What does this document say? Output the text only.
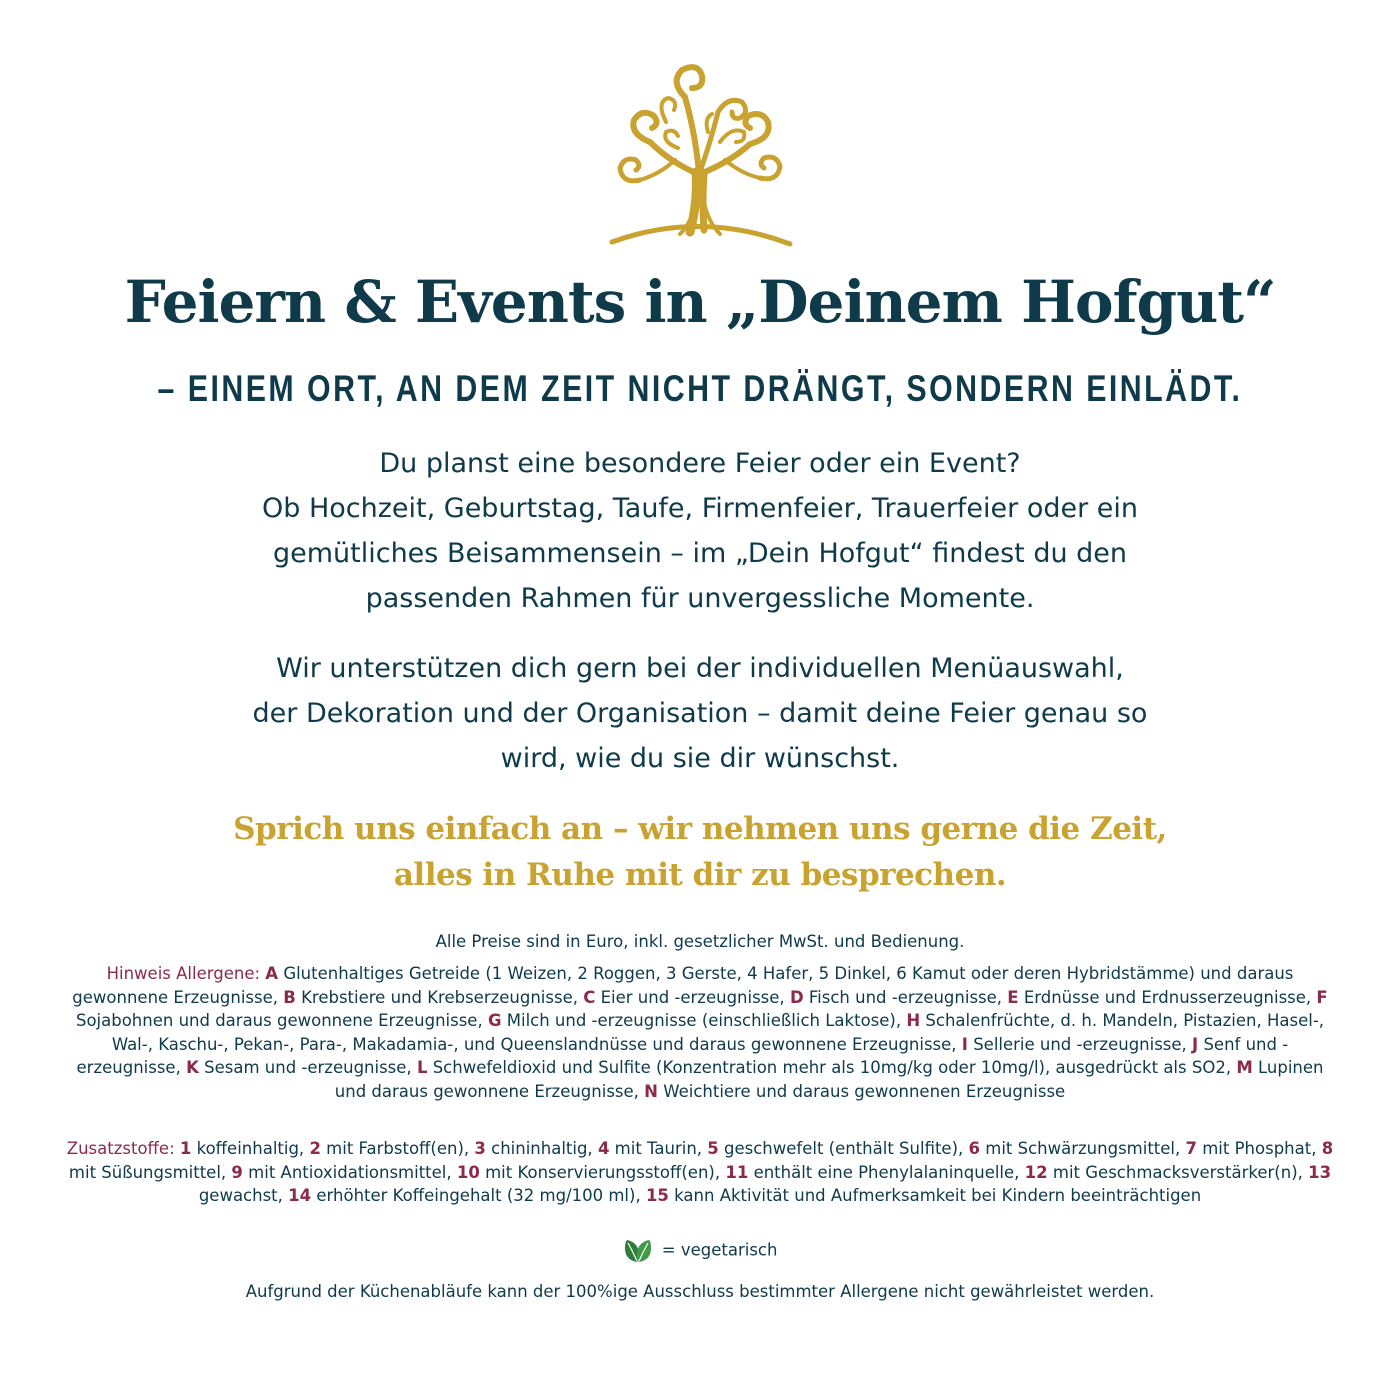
Feiern & Events in „Deinem Hofgut“
– EINEM ORT, AN DEM ZEIT NICHT DRÄNGT, SONDERN EINLÄDT.
Du planst eine besondere Feier oder ein Event?
Ob Hochzeit, Geburtstag, Taufe, Firmenfeier, Trauerfeier oder ein
gemütliches Beisammensein – im „Dein Hofgut“ findest du den
passenden Rahmen für unvergessliche Momente.
Wir unterstützen dich gern bei der individuellen Menüauswahl,
der Dekoration und der Organisation – damit deine Feier genau so
wird, wie du sie dir wünschst.
Sprich uns einfach an – wir nehmen uns gerne die Zeit,
alles in Ruhe mit dir zu besprechen.
Alle Preise sind in Euro, inkl. gesetzlicher MwSt. und Bedienung.
Hinweis Allergene: A Glutenhaltiges Getreide (1 Weizen, 2 Roggen, 3 Gerste, 4 Hafer, 5 Dinkel, 6 Kamut oder deren Hybridstämme) und daraus gewonnene Erzeugnisse, B Krebstiere und Krebserzeugnisse, C Eier und -erzeugnisse, D Fisch und -erzeugnisse, E Erdnüsse und Erdnusserzeugnisse, F Sojabohnen und daraus gewonnene Erzeugnisse, G Milch und -erzeugnisse (einschließlich Laktose), H Schalenfrüchte, d. h. Mandeln, Pistazien, Hasel-, Wal-, Kaschu-, Pekan-, Para-, Makadamia-, und Queenslandnüsse und daraus gewonnene Erzeugnisse, I Sellerie und -erzeugnisse, J Senf und -erzeugnisse, K Sesam und -erzeugnisse, L Schwefeldioxid und Sulfite (Konzentration mehr als 10mg/kg oder 10mg/l), ausgedrückt als SO2, M Lupinen und daraus gewonnene Erzeugnisse, N Weichtiere und daraus gewonnenen Erzeugnisse
Zusatzstoffe: 1 koffeinhaltig, 2 mit Farbstoff(en), 3 chininhaltig, 4 mit Taurin, 5 geschwefelt (enthält Sulfite), 6 mit Schwärzungsmittel, 7 mit Phosphat, 8 mit Süßungsmittel, 9 mit Antioxidationsmittel, 10 mit Konservierungsstoff(en), 11 enthält eine Phenylalaninquelle, 12 mit Geschmacksverstärker(n), 13 gewachst, 14 erhöhter Koffeingehalt (32 mg/100 ml), 15 kann Aktivität und Aufmerksamkeit bei Kindern beeinträchtigen
= vegetarisch
Aufgrund der Küchenabläufe kann der 100%ige Ausschluss bestimmter Allergene nicht gewährleistet werden.
